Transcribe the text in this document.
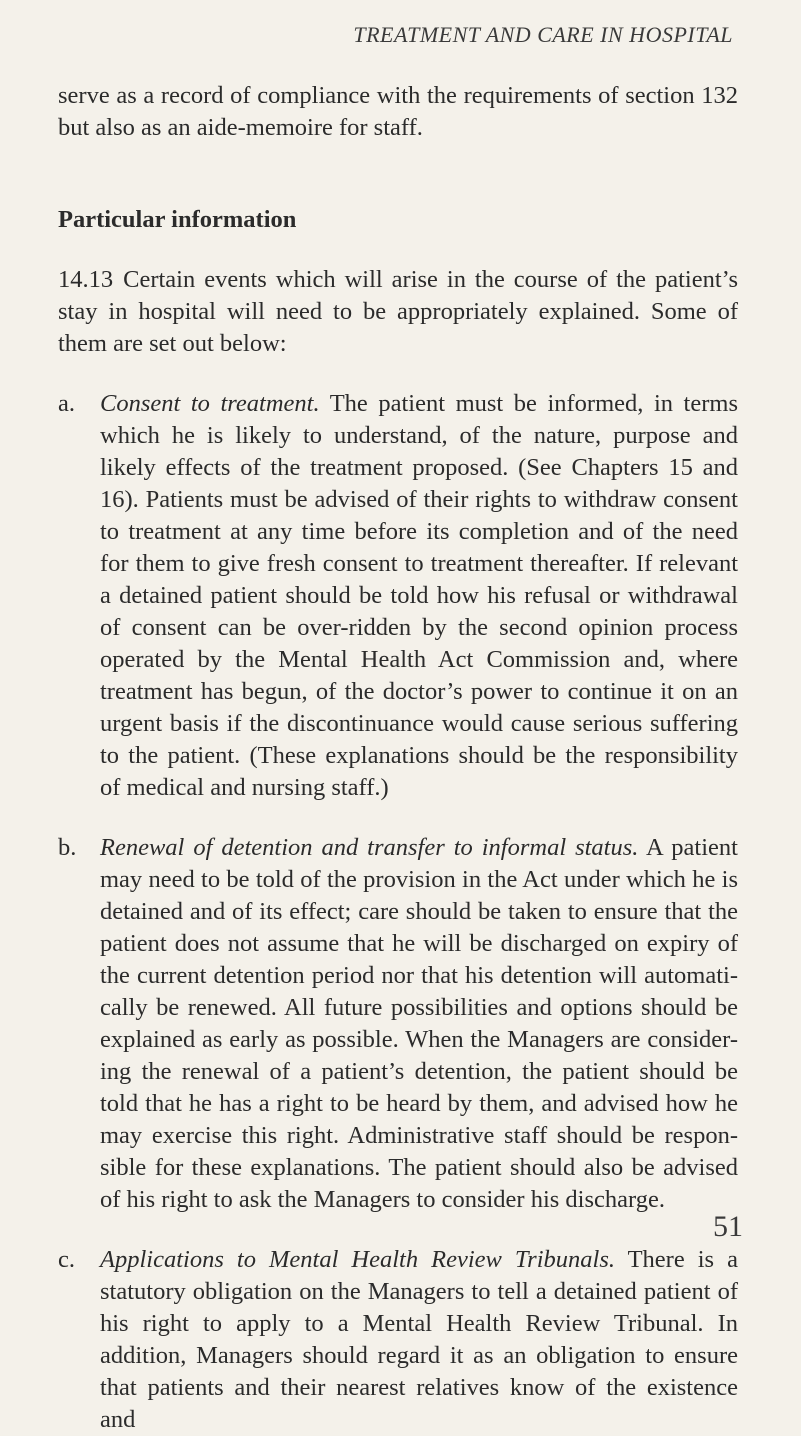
TREATMENT AND CARE IN HOSPITAL

serve as a record of compliance with the requirements of section 132 but also as an aide-memoire for staff.

Particular information

14.13 Certain events which will arise in the course of the patient’s stay in hospital will need to be appropriately explained. Some of them are set out below:

a.	Consent to treatment. The patient must be informed, in terms which he is likely to understand, of the nature, purpose and likely effects of the treatment proposed. (See Chapters 15 and 16). Patients must be advised of their rights to withdraw consent to treatment at any time before its completion and of the need for them to give fresh consent to treatment thereafter. If relevant a detained patient should be told how his refusal or withdrawal of consent can be over-ridden by the second opinion process operated by the Mental Health Act Commission and, where treatment has begun, of the doctor’s power to continue it on an urgent basis if the discontinuance would cause serious suffering to the patient. (These explanations should be the responsibility of medical and nursing staff.)

b. Renewal of detention and transfer to informal status. A patient may need to be told of the provision in the Act under which he is detained and of its effect; care should be taken to ensure that the patient does not assume that he will be discharged on expiry of the current detention period nor that his detention will automati-cally be renewed. All future possibilities and options should be explained as early as possible. When the Managers are consider-ing the renewal of a patient’s detention, the patient should be told that he has a right to be heard by them, and advised how he may exercise this right. Administrative staff should be respon-sible for these explanations. The patient should also be advised of his right to ask the Managers to consider his discharge.

c.	Applications to Mental Health Review Tribunals. There is a statutory obligation on the Managers to tell a detained patient of his right to apply to a Mental Health Review Tribunal. In addition, Managers should regard it as an obligation to ensure that patients and their nearest relatives know of the existence and

51
